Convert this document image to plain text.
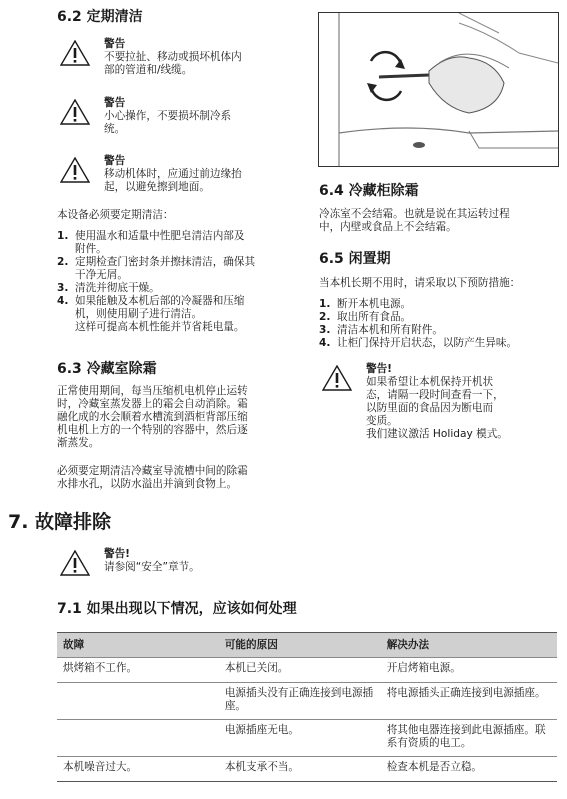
6.2 定期清洁
警告
不要拉扯、移动或损坏机体内
部的管道和/线缆。
警告
小心操作，不要损坏制冷系
统。
警告
移动机体时，应通过前边缘抬
起，以避免擦到地面。
本设备必须要定期清洁：
1. 使用温水和适量中性肥皂清洁内部及
附件。
2. 定期检查门密封条并擦抹清洁，确保其
干净无屑。
3. 清洗并彻底干燥。
4. 如果能触及本机后部的冷凝器和压缩
机，则使用刷子进行清洁。
这样可提高本机性能并节省耗电量。
6.3 冷藏室除霜
正常使用期间，每当压缩机电机停止运转
时，冷藏室蒸发器上的霜会自动消除。霜
融化成的水会顺着水槽流到酒柜背部压缩
机电机上方的一个特别的容器中，然后逐
渐蒸发。
必须要定期清洁冷藏室导流槽中间的除霜
水排水孔，以防水溢出并滴到食物上。
6.4 冷藏柜除霜
冷冻室不会结霜。也就是说在其运转过程
中，内壁或食品上不会结霜。
6.5 闲置期
当本机长期不用时，请采取以下预防措施：
1. 断开本机电源。
2. 取出所有食品。
3. 清洁本机和所有附件。
4. 让柜门保持开启状态，以防产生异味。
警告!
如果希望让本机保持开机状
态，请隔一段时间查看一下，
以防里面的食品因为断电而
变质。
我们建议激活 Holiday 模式。
7. 故障排除
警告!
请参阅“安全”章节。
7.1 如果出现以下情况，应该如何处理
故障	可能的原因	解决办法
烘烤箱不工作。	本机已关闭。	开启烤箱电源。
	电源插头没有正确连接到电源插座。	将电源插头正确连接到电源插座。
	电源插座无电。	将其他电器连接到此电源插座。联系有资质的电工。
本机噪音过大。	本机支承不当。	检查本机是否立稳。
